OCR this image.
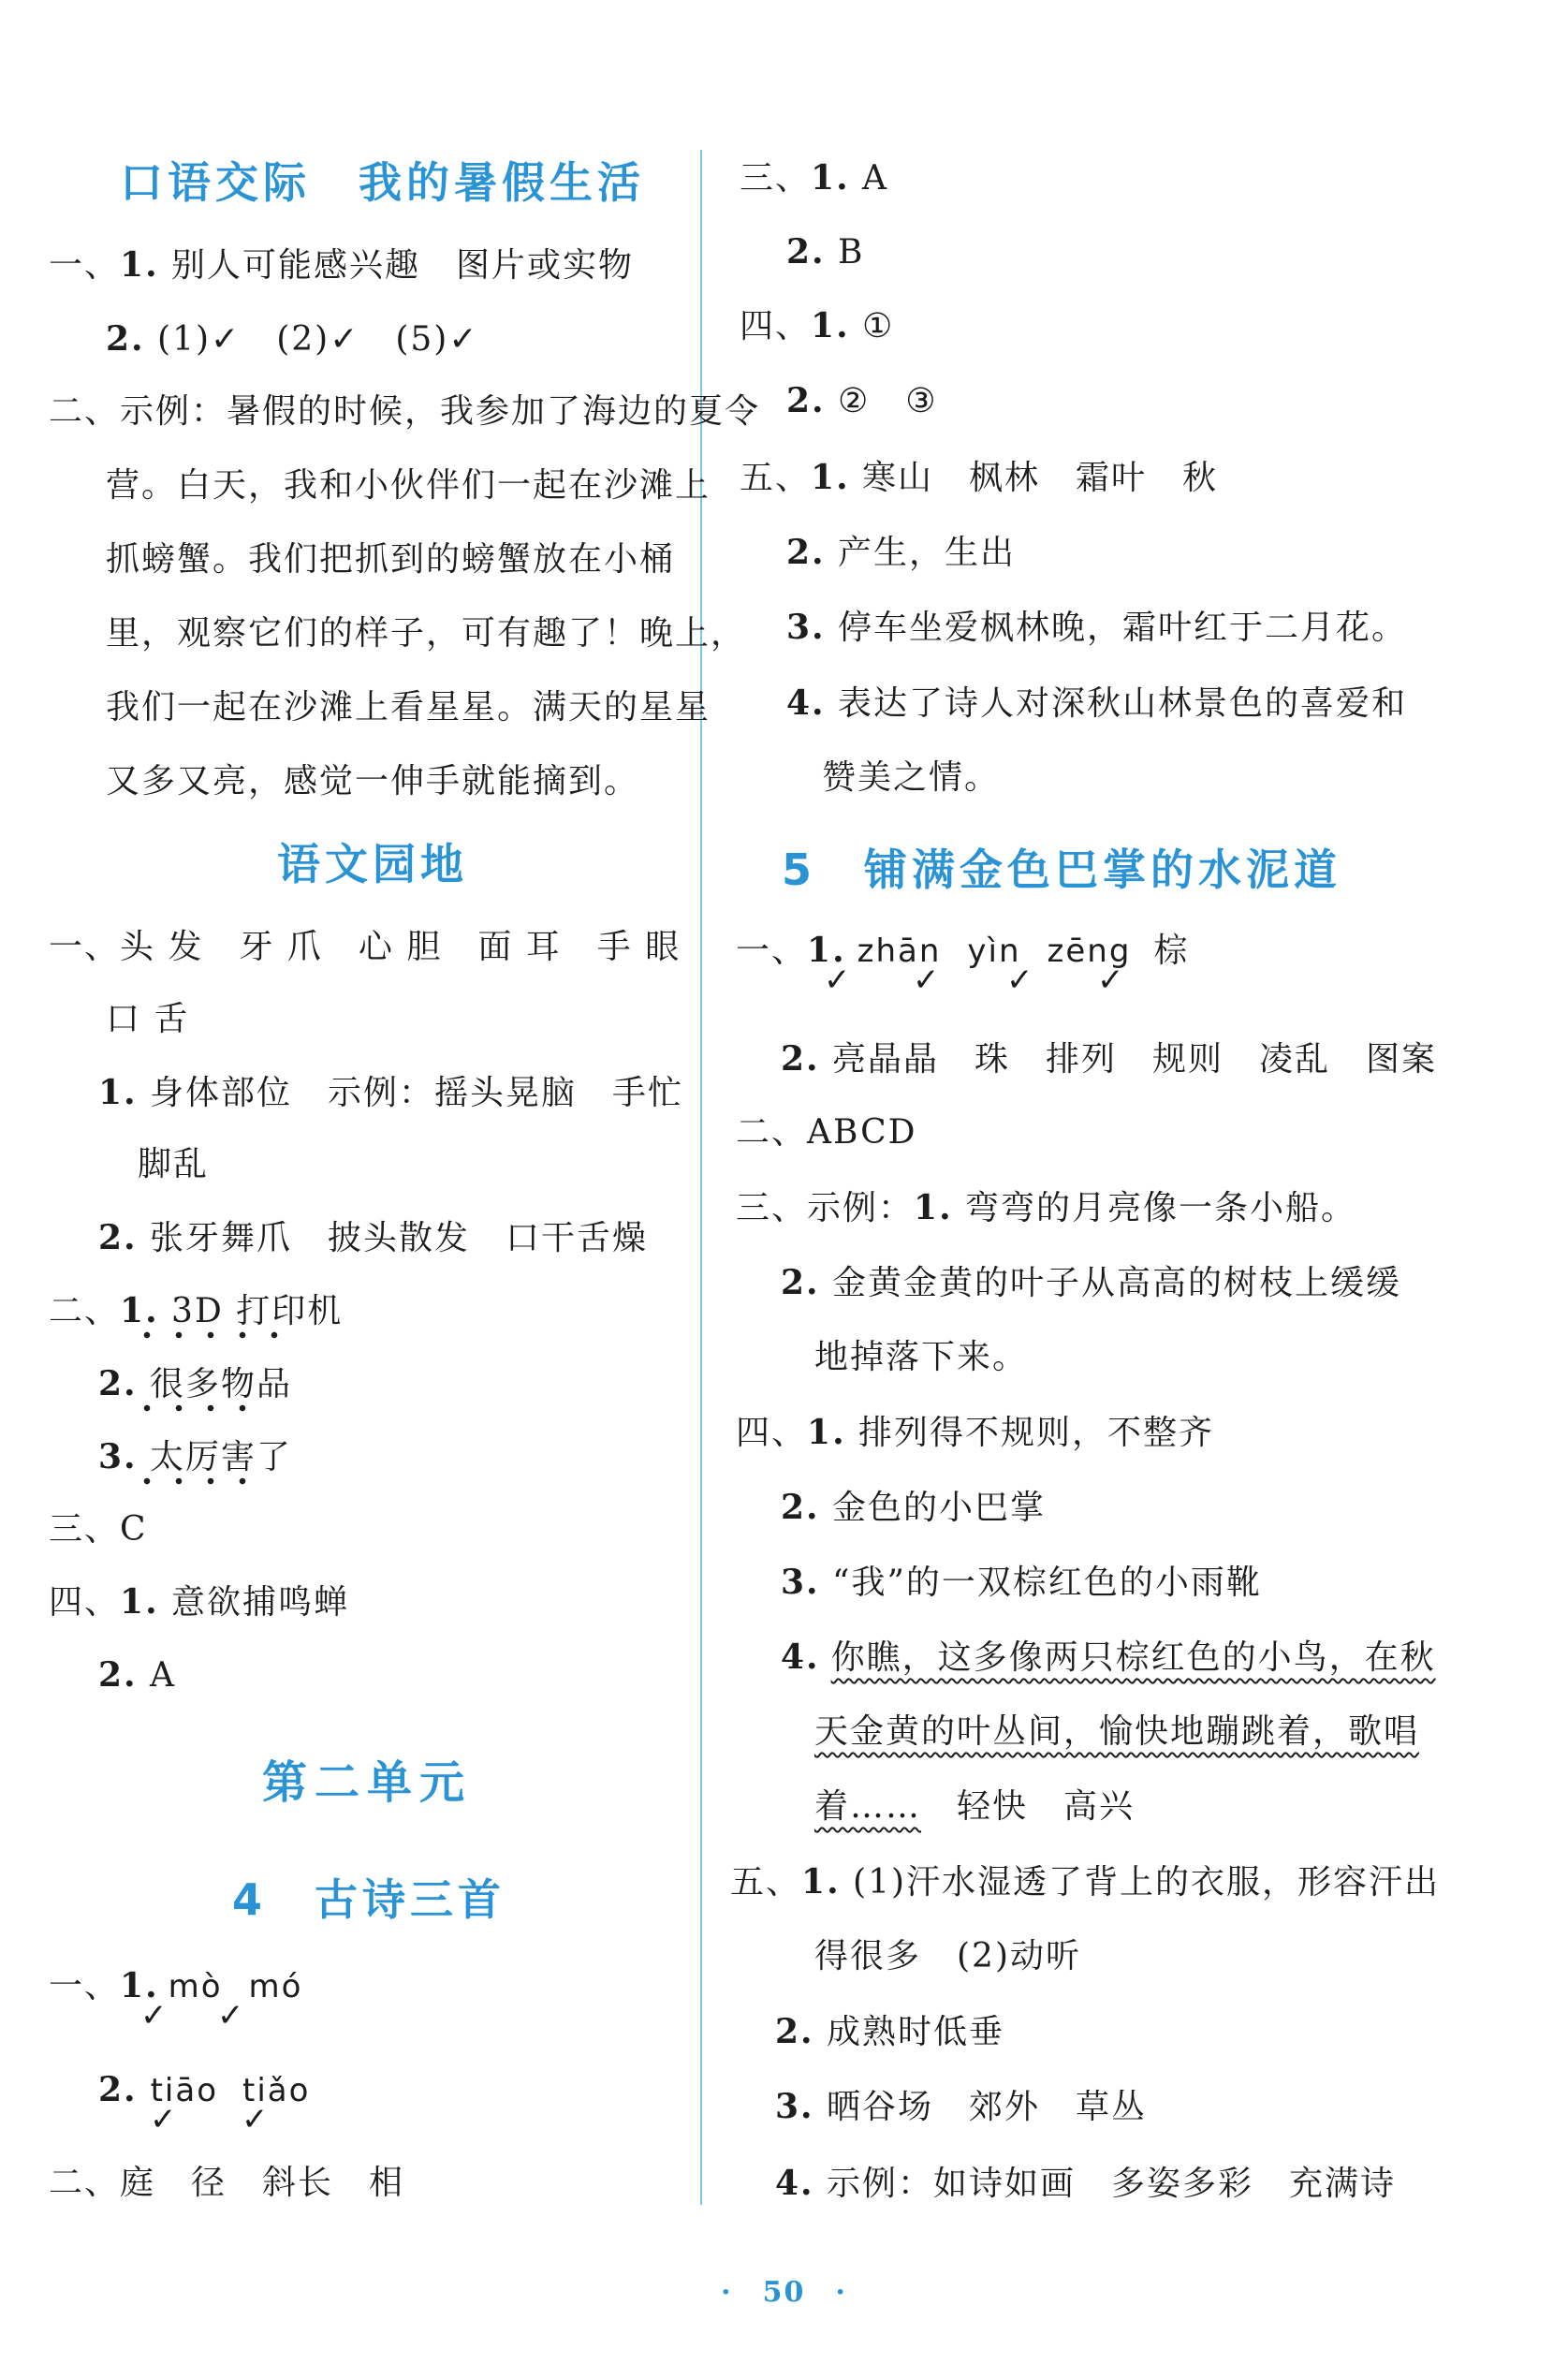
口语交际　我的暑假生活
一、1. 别人可能感兴趣　图片或实物
2. (1)✓　(2)✓　(5)✓
二、示例：暑假的时候，我参加了海边的夏令
营。白天，我和小伙伴们一起在沙滩上
抓螃蟹。我们把抓到的螃蟹放在小桶
里，观察它们的样子，可有趣了！晚上，
我们一起在沙滩上看星星。满天的星星
又多又亮，感觉一伸手就能摘到。
语文园地
一、头 发　牙 爪　心 胆　面 耳　手 眼
口 舌
1. 身体部位　示例：摇头晃脑　手忙
脚乱
2. 张牙舞爪　披头散发　口干舌燥
二、1. 3D 打印机
2. 很多物品
3. 太厉害了
三、C
四、1. 意欲捕鸣蝉
2. A
第二单元
4　古诗三首
一、1. mò mó
✓ ✓
2. tiāo tiǎo
✓ ✓
二、庭　径　斜长　相
三、1. A
2. B
四、1. ①
2. ②　③
五、1. 寒山　枫林　霜叶　秋
2. 产生，生出
3. 停车坐爱枫林晚，霜叶红于二月花。
4. 表达了诗人对深秋山林景色的喜爱和
赞美之情。
5　铺满金色巴掌的水泥道
一、1. zhān yìn zēng 棕
✓ ✓ ✓ ✓
2. 亮晶晶　珠　排列　规则　凌乱　图案
二、ABCD
三、示例：1. 弯弯的月亮像一条小船。
2. 金黄金黄的叶子从高高的树枝上缓缓
地掉落下来。
四、1. 排列得不规则，不整齐
2. 金色的小巴掌
3. “我”的一双棕红色的小雨靴
4. 你瞧，这多像两只棕红色的小鸟，在秋
天金黄的叶丛间，愉快地蹦跳着，歌唱
着……　轻快　高兴
五、1. (1)汗水湿透了背上的衣服，形容汗出
得很多　(2)动听
2. 成熟时低垂
3. 晒谷场　郊外　草丛
4. 示例：如诗如画　多姿多彩　充满诗
·　50　·
